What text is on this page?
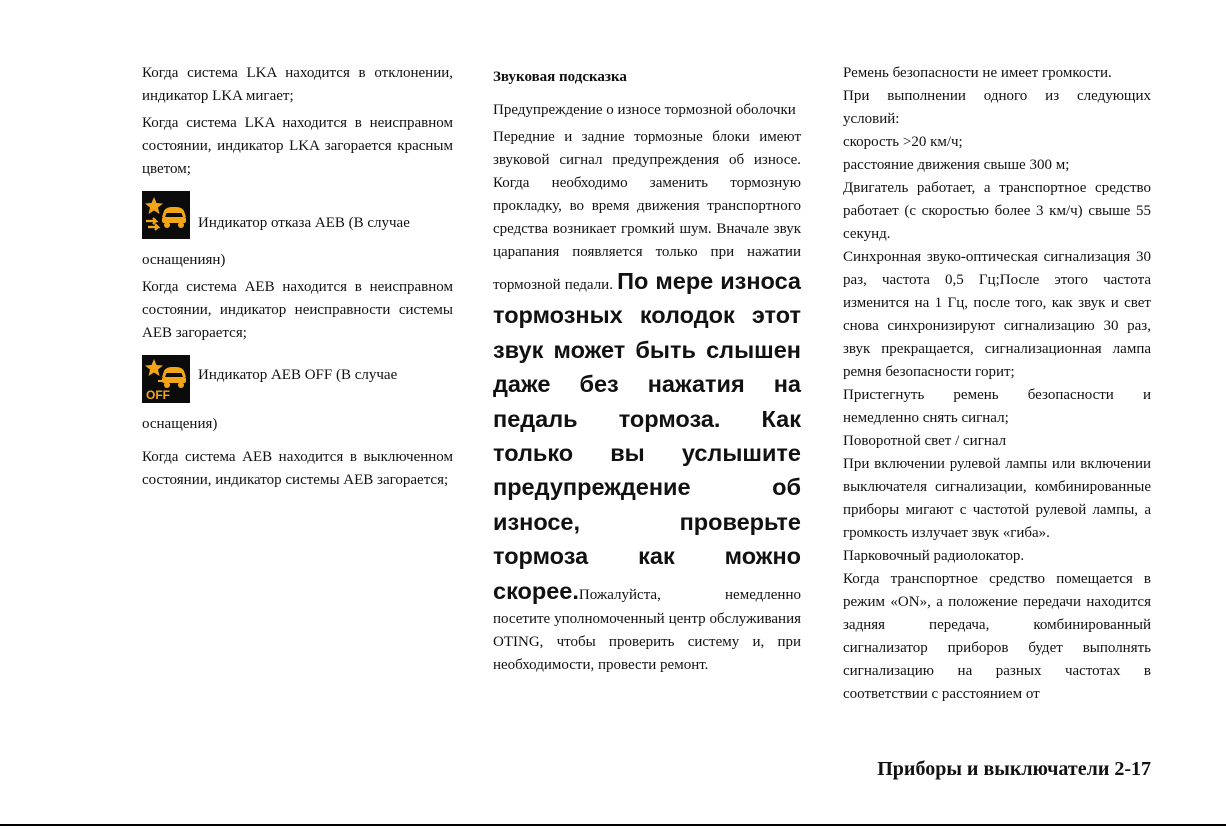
Когда система LKA находится в отклонении, индикатор LKA мигает;

Когда система LKA находится в неисправном состоянии, индикатор LKA загорается красным цветом;

Индикатор отказа AEB (В случае

оснащениян)

Когда система AEB находится в неисправном состоянии, индикатор неисправности системы AEB загорается;

OFF
Индикатор AEB OFF (В случае

оснащения)

Когда система AEB находится в выключенном состоянии, индикатор системы AEB загорается;

Звуковая подсказка

Предупреждение о износе тормозной оболочки

Передние и задние тормозные блоки имеют звуковой сигнал предупреждения об износе. Когда необходимо заменить тормозную прокладку, во время движения транспортного средства возникает громкий шум. Вначале звук царапания появляется только при нажатии тормозной педали. По мере износа тормозных колодок этот звук может быть слышен даже без нажатия на педаль тормоза. Как только вы услышите предупреждение об износе, проверьте тормоза как можно скорее.Пожалуйста, немедленно посетите уполномоченный центр обслуживания OTING, чтобы проверить систему и, при необходимости, провести ремонт.

Ремень безопасности не имеет громкости.

При выполнении одного из следующих условий:

скорость >20 км/ч;

расстояние движения свыше 300 м;

Двигатель работает, а транспортное средство работает (с скоростью более 3 км/ч) свыше 55 секунд.

Синхронная звуко-оптическая сигнализация 30 раз, частота 0,5 Гц;После этого частота изменится на 1 Гц, после того, как звук и свет снова синхронизируют сигнализацию 30 раз, звук прекращается, сигнализационная лампа ремня безопасности горит;

Пристегнуть ремень безопасности и немедленно снять сигнал;

Поворотной свет / сигнал

При включении рулевой лампы или включении выключателя сигнализации, комбинированные приборы мигают с частотой рулевой лампы, а громкость излучает звук «гиба».

Парковочный радиолокатор.

Когда транспортное средство помещается в режим «ON», а положение передачи находится задняя передача, комбинированный сигнализатор приборов будет выполнять сигнализацию на разных частотах в соответствии с расстоянием от

Приборы и выключатели 2-17
